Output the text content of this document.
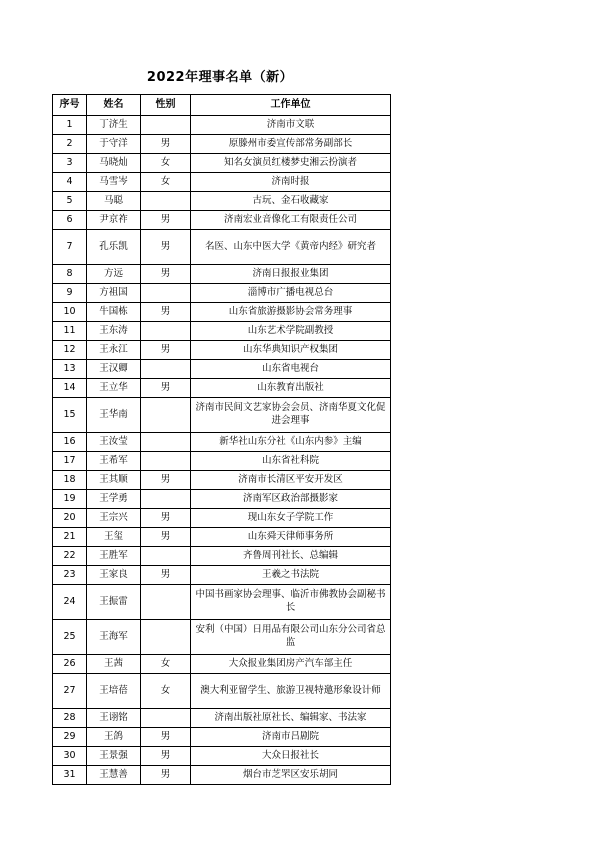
2022年理事名单（新）
序号	姓名	性别	工作单位
1	丁济生		济南市文联
2	于守洋	男	原滕州市委宣传部常务副部长
3	马晓灿	女	知名女演员红楼梦史湘云扮演者
4	马雪岑	女	济南时报
5	马聪		古玩、金石收藏家
6	尹京祚	男	济南宏业音像化工有限责任公司
7	孔乐凯	男	名医、山东中医大学《黄帝内经》研究者
8	方远	男	济南日报报业集团
9	方祖国		淄博市广播电视总台
10	牛国栋	男	山东省旅游摄影协会常务理事
11	王东涛		山东艺术学院副教授
12	王永江	男	山东华典知识产权集团
13	王汉卿		山东省电视台
14	王立华	男	山东教育出版社
15	王华南		济南市民间文艺家协会会员、济南华夏文化促进会理事
16	王汝莹		新华社山东分社《山东内参》主编
17	王希军		山东省社科院
18	王其顺	男	济南市长清区平安开发区
19	王学勇		济南军区政治部摄影家
20	王宗兴	男	现山东女子学院工作
21	王玺	男	山东舜天律师事务所
22	王胜军		齐鲁周刊社长、总编辑
23	王家良	男	王羲之书法院
24	王振雷		中国书画家协会理事、临沂市佛教协会副秘书长
25	王海军		安利（中国）日用品有限公司山东分公司省总监
26	王茜	女	大众报业集团房产汽车部主任
27	王培蓓	女	澳大利亚留学生、旅游卫视特邀形象设计师
28	王诩铭		济南出版社原社长、编辑家、书法家
29	王鸽	男	济南市吕剧院
30	王景强	男	大众日报社长
31	王慧善	男	烟台市芝罘区安乐胡同
